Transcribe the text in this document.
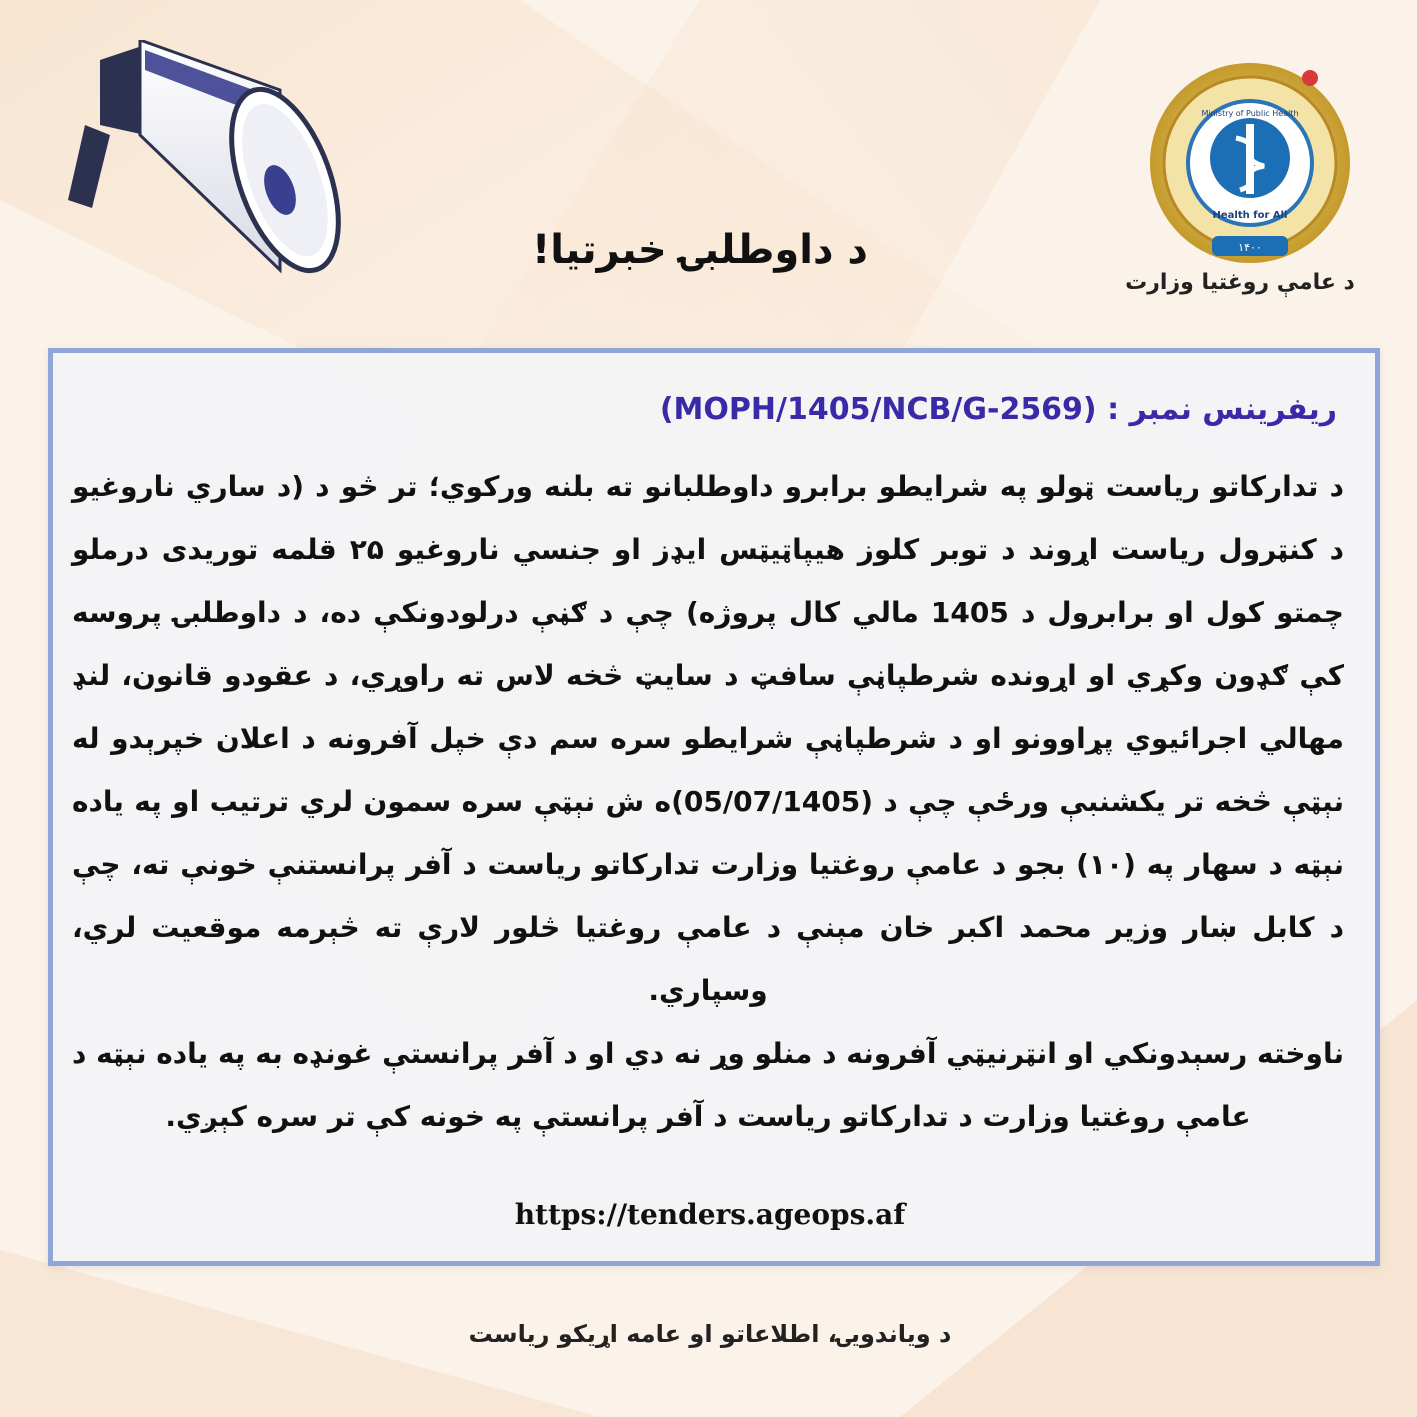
د داوطلبۍ خبرتیا!	۱۴۰۰
Health for All
Ministry of Public Health
د عامې روغتیا وزارت
ریفرینس نمبر : (MOPH/1405/NCB/G-2569)

د تدارکاتو ریاست ټولو په شرایطو برابرو داوطلبانو ته بلنه ورکوي؛ تر څو د (د ساري ناروغیو د کنټرول ریاست اړوند د توبر کلوز هیپاټیټس ایډز او جنسي ناروغیو ۲۵ قلمه توریدی درملو چمتو کول او برابرول د 1405 مالي کال پروژه) چې د ګڼې درلودونکې ده، د داوطلبۍ پروسه کې ګډون وکړي او اړونده شرطپاڼې سافټ د سایټ څخه لاس ته راوړي، د عقودو قانون، لنډ مهالي اجرائیوي پړاوونو او د شرطپاڼې شرایطو سره سم دې خپل آفرونه د اعلان خپرېدو له نېټې څخه تر یکشنبې ورځې چې د (05/07/1405)ه ش نېټې سره سمون لري ترتیب او په یاده نېټه د سهار په (۱۰) بجو د عامې روغتیا وزارت تدارکاتو ریاست د آفر پرانستنې خونې ته، چې د کابل ښار وزیر محمد اکبر خان مېنې د عامې روغتیا څلور لارې ته څېرمه موقعیت لري، وسپاري.

ناوخته رسېدونکي او انټرنیټي آفرونه د منلو وړ نه دي او د آفر پرانستې غونډه به په یاده نېټه د عامې روغتیا وزارت د تدارکاتو ریاست د آفر پرانستې په خونه کې تر سره کېږي.

https://tenders.ageops.af
د ویاندویۍ، اطلاعاتو او عامه اړیکو ریاست
